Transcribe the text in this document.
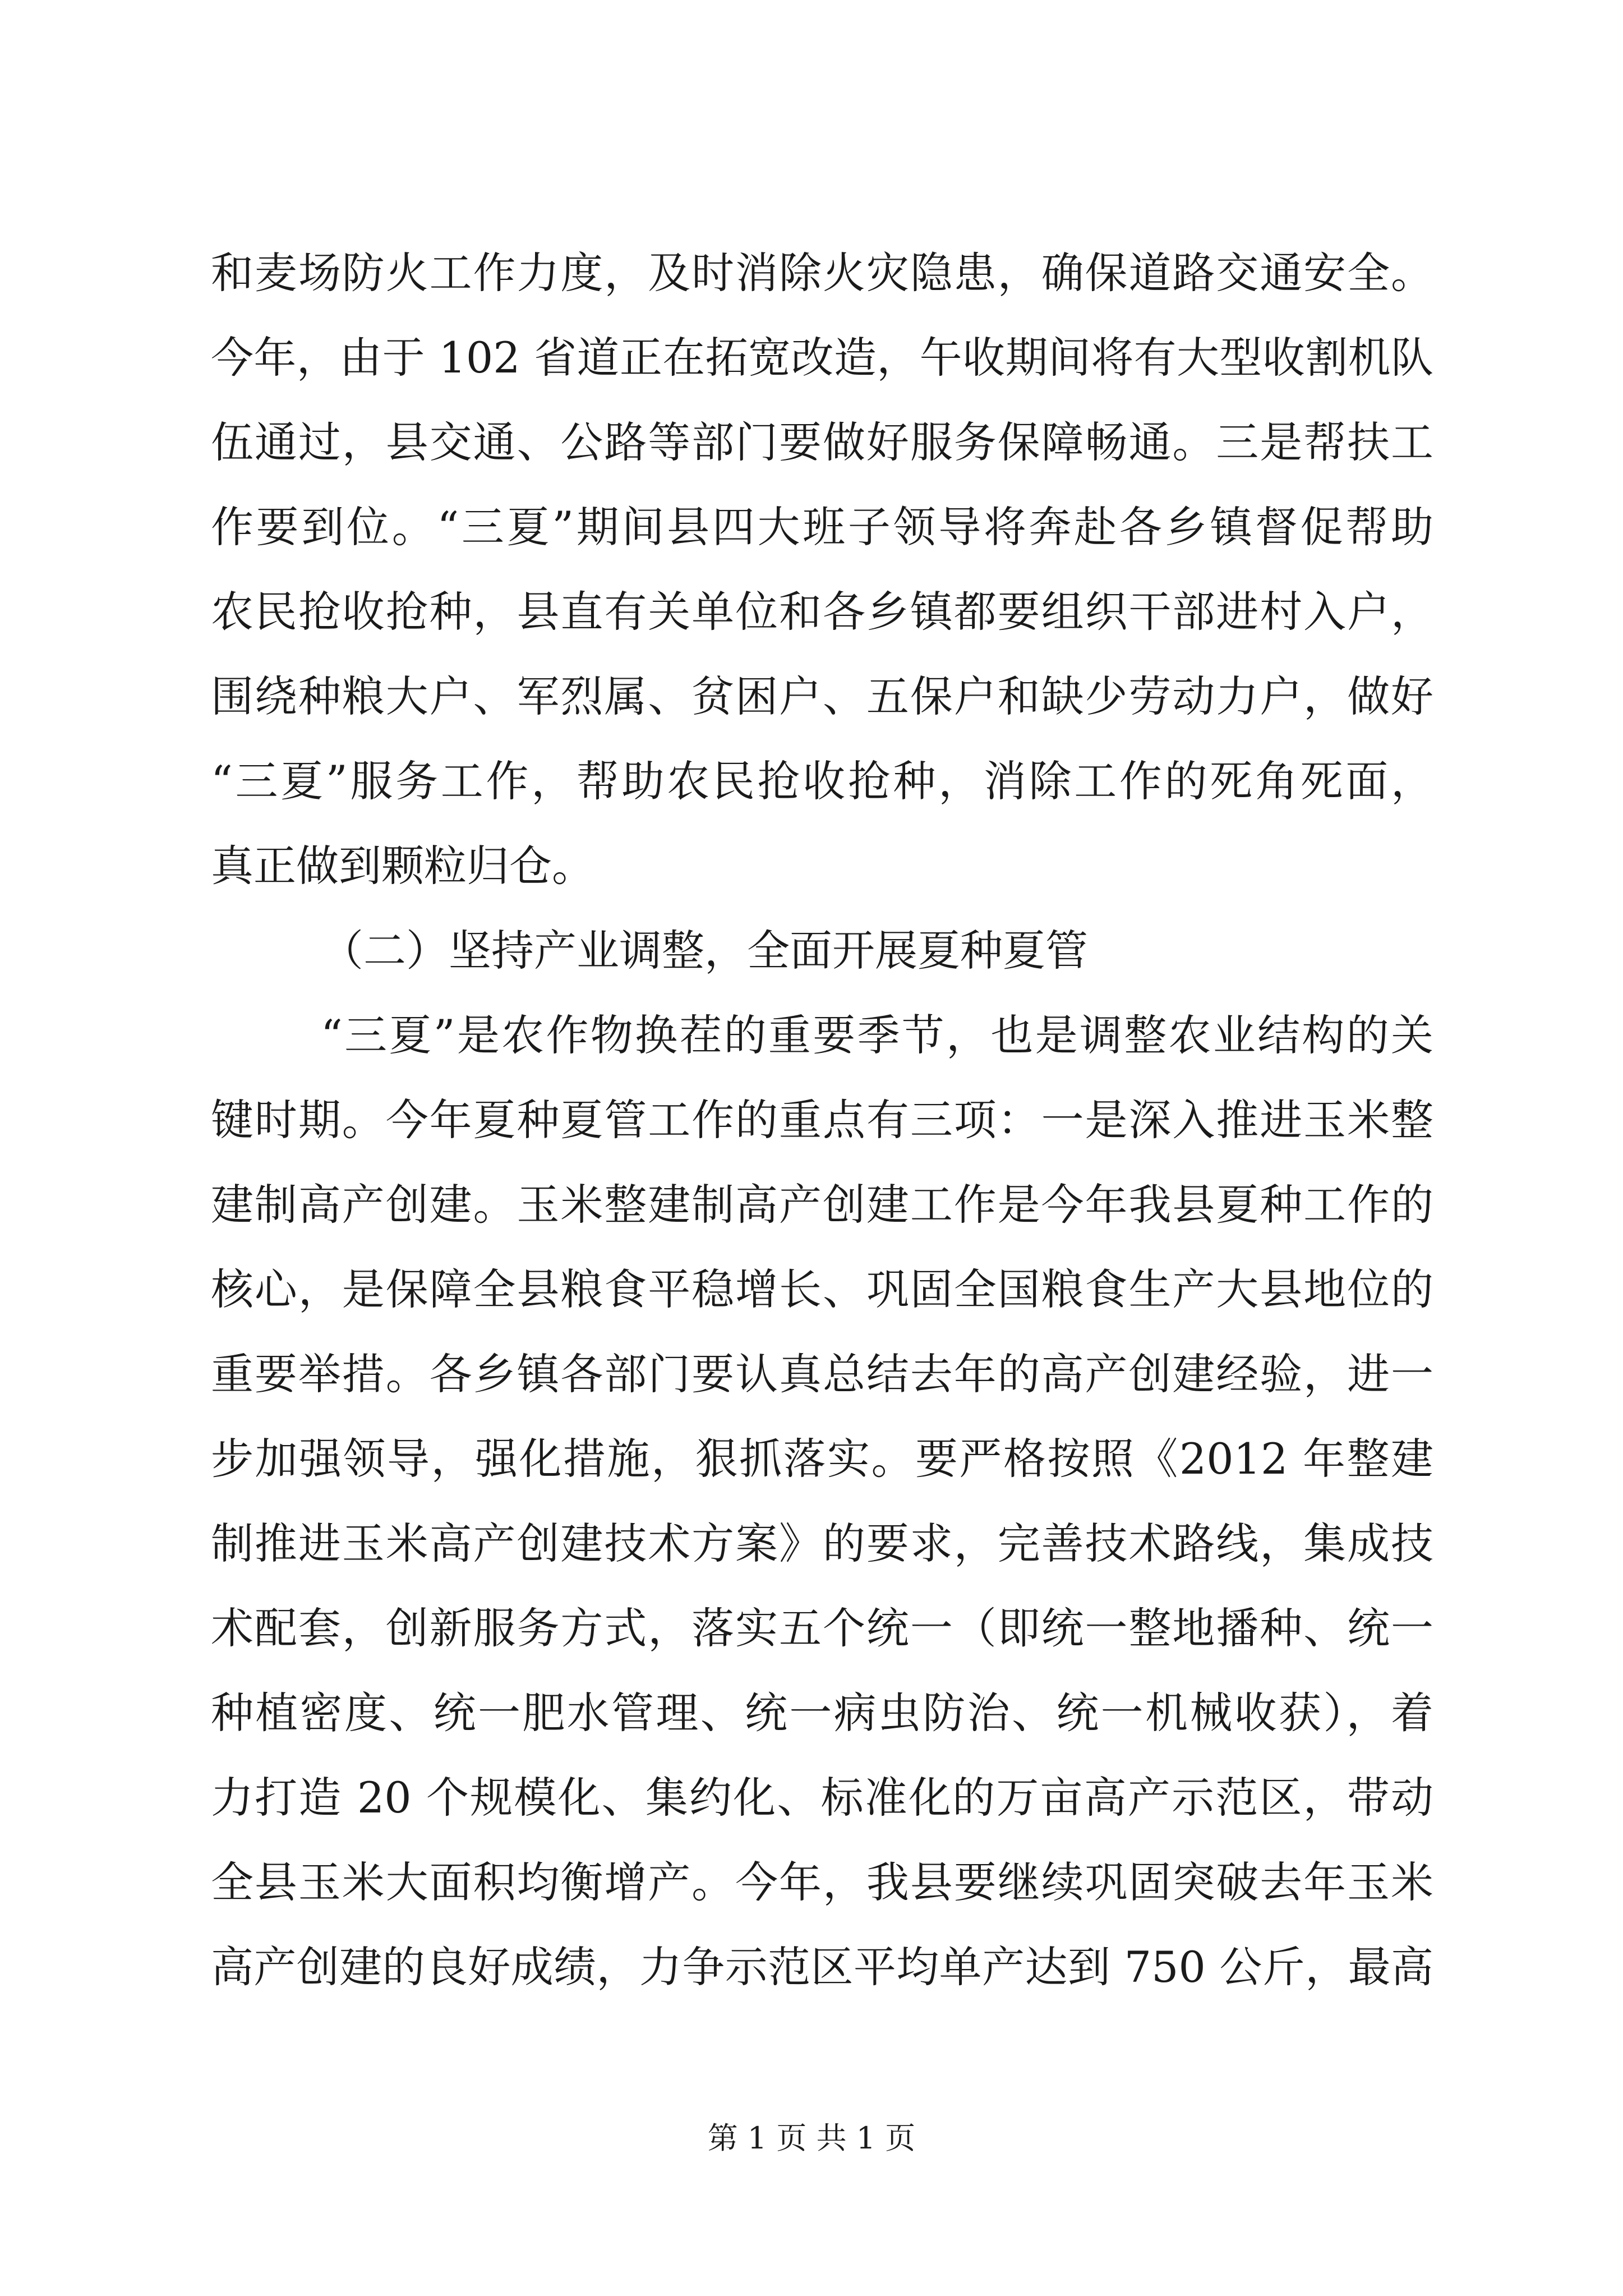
和麦场防火工作力度，及时消除火灾隐患，确保道路交通安全。
今年，由于 102 省道正在拓宽改造，午收期间将有大型收割机队
伍通过，县交通、公路等部门要做好服务保障畅通。三是帮扶工
作要到位。“三夏”期间县四大班子领导将奔赴各乡镇督促帮助
农民抢收抢种，县直有关单位和各乡镇都要组织干部进村入户，
围绕种粮大户、军烈属、贫困户、五保户和缺少劳动力户，做好
“三夏”服务工作，帮助农民抢收抢种，消除工作的死角死面，
真正做到颗粒归仓。
（二）坚持产业调整，全面开展夏种夏管
“三夏”是农作物换茬的重要季节，也是调整农业结构的关
键时期。今年夏种夏管工作的重点有三项：一是深入推进玉米整
建制高产创建。玉米整建制高产创建工作是今年我县夏种工作的
核心，是保障全县粮食平稳增长、巩固全国粮食生产大县地位的
重要举措。各乡镇各部门要认真总结去年的高产创建经验，进一
步加强领导，强化措施，狠抓落实。要严格按照《2012 年整建
制推进玉米高产创建技术方案》的要求，完善技术路线，集成技
术配套，创新服务方式，落实五个统一（即统一整地播种、统一
种植密度、统一肥水管理、统一病虫防治、统一机械收获），着
力打造 20 个规模化、集约化、标准化的万亩高产示范区，带动
全县玉米大面积均衡增产。今年，我县要继续巩固突破去年玉米
高产创建的良好成绩，力争示范区平均单产达到 750 公斤，最高
第 1 页 共 1 页
